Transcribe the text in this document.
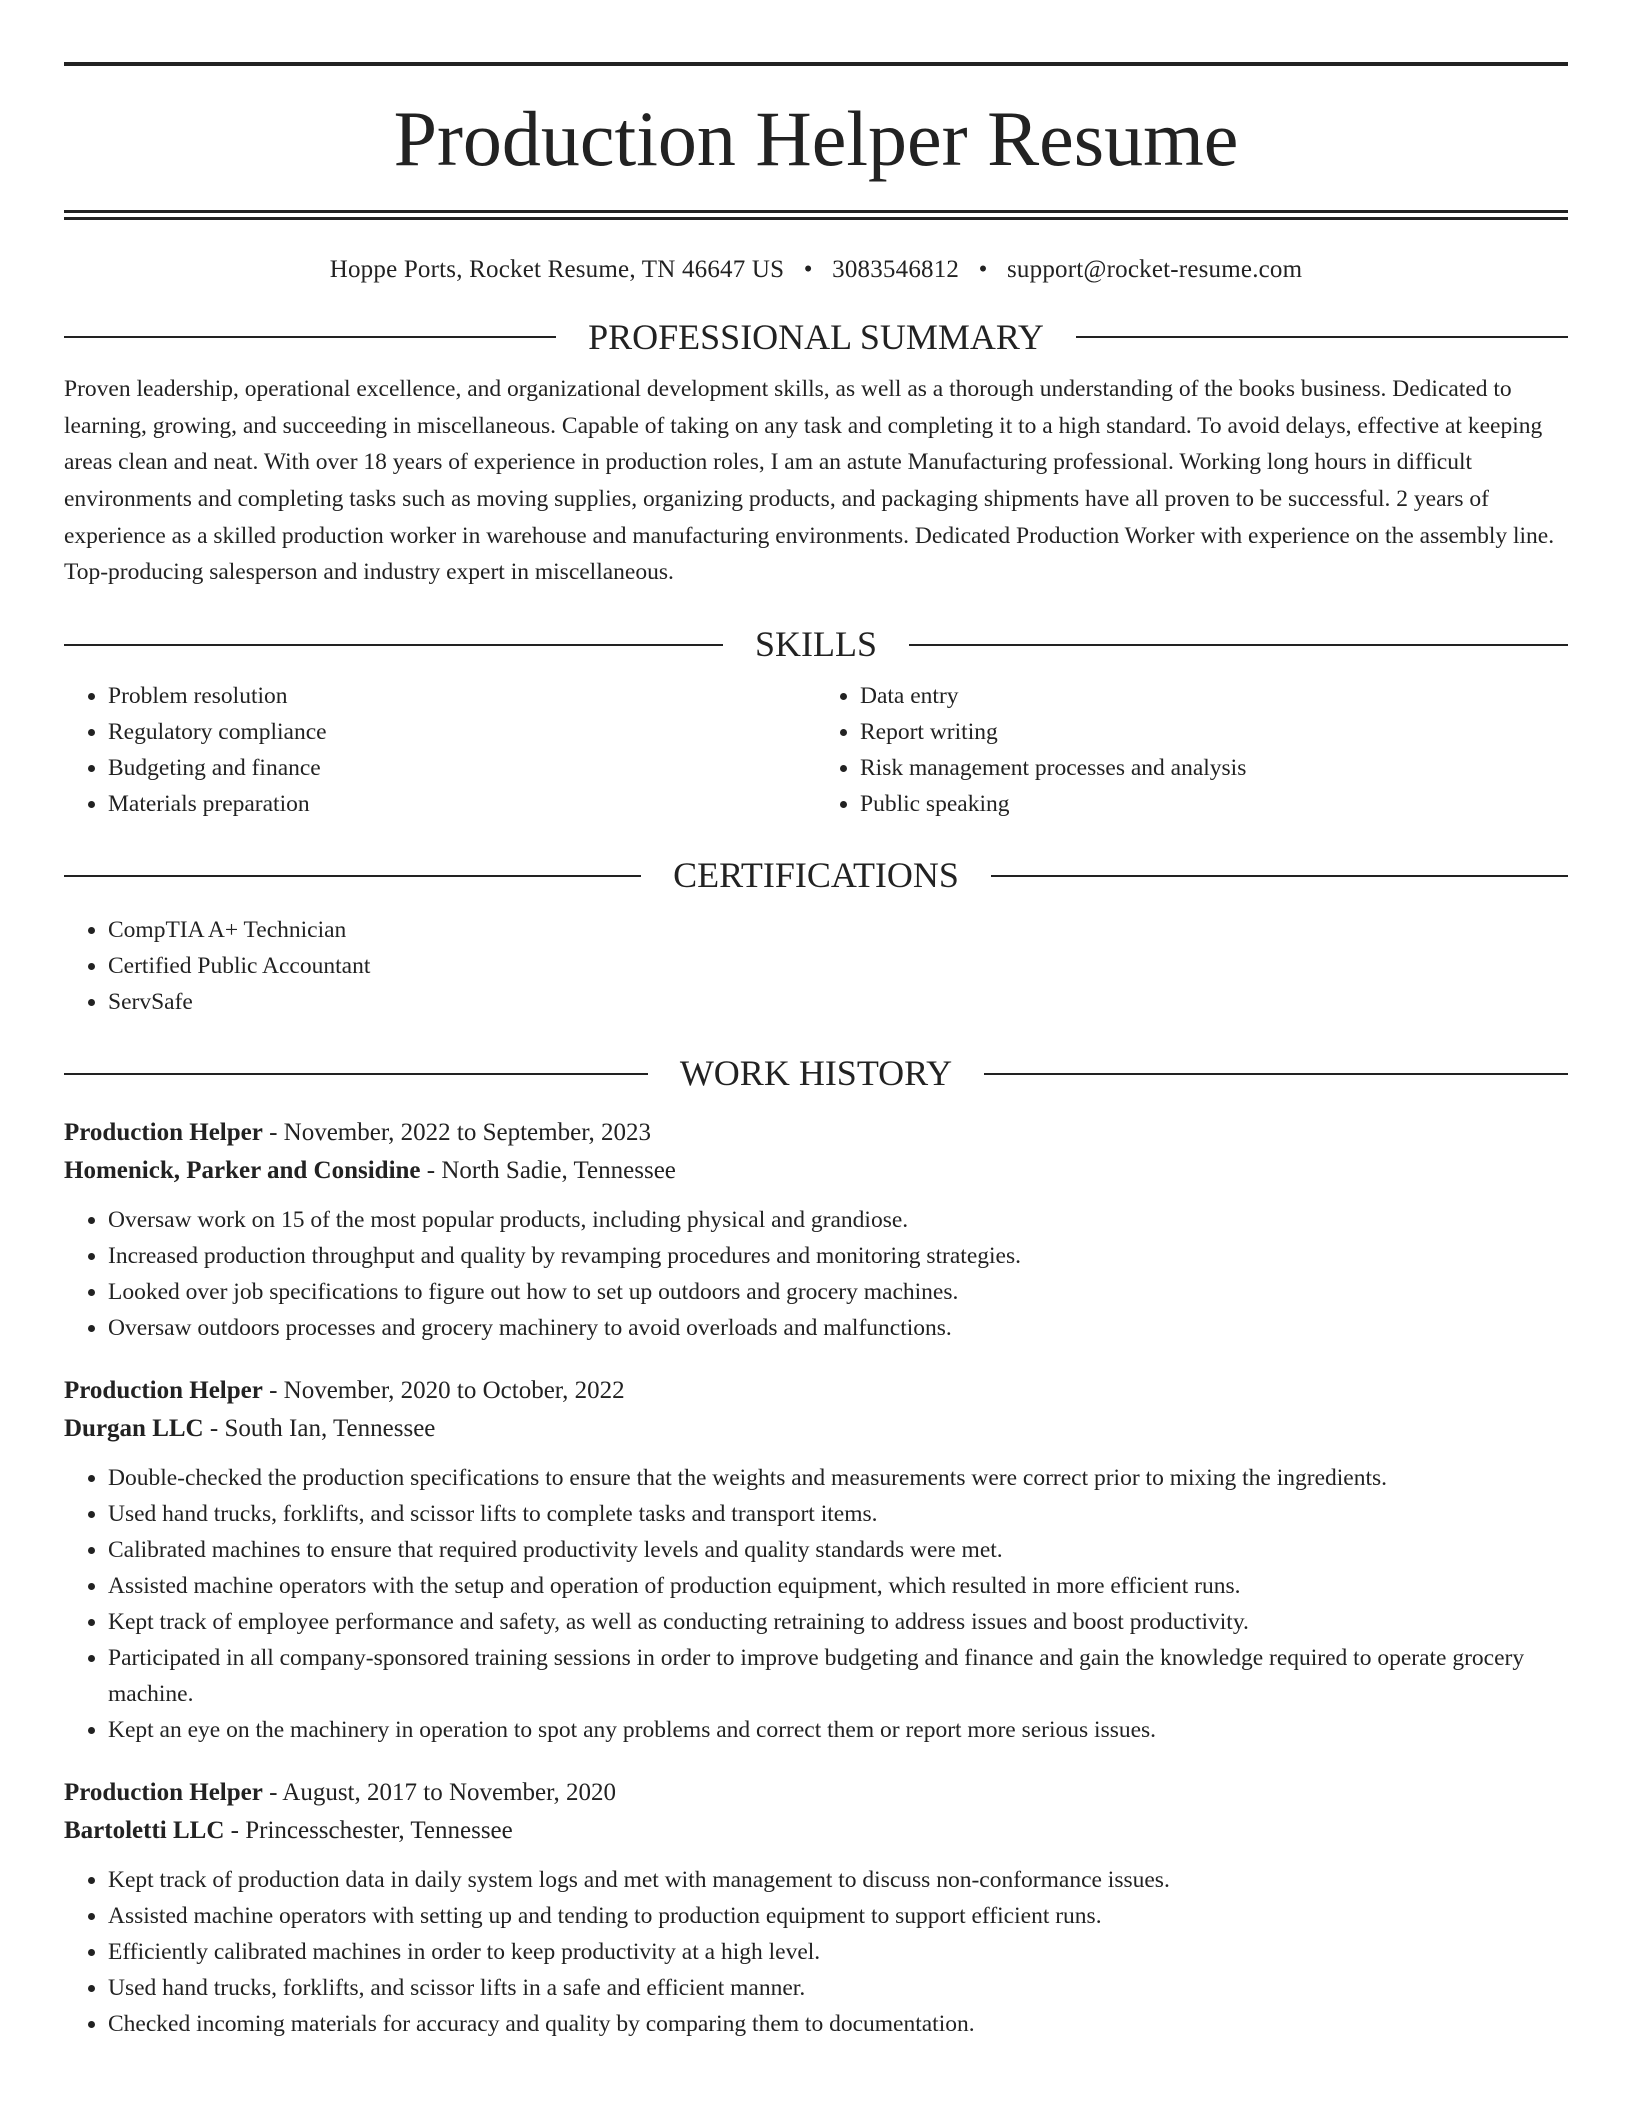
Production Helper Resume
Hoppe Ports, Rocket Resume, TN 46647 US • 3083546812 • support@rocket-resume.com
PROFESSIONAL SUMMARY
Proven leadership, operational excellence, and organizational development skills, as well as a thorough understanding of the books business. Dedicated to learning, growing, and succeeding in miscellaneous. Capable of taking on any task and completing it to a high standard. To avoid delays, effective at keeping areas clean and neat. With over 18 years of experience in production roles, I am an astute Manufacturing professional. Working long hours in difficult environments and completing tasks such as moving supplies, organizing products, and packaging shipments have all proven to be successful. 2 years of experience as a skilled production worker in warehouse and manufacturing environments. Dedicated Production Worker with experience on the assembly line. Top-producing salesperson and industry expert in miscellaneous.
SKILLS
• Problem resolution
• Regulatory compliance
• Budgeting and finance
• Materials preparation
• Data entry
• Report writing
• Risk management processes and analysis
• Public speaking
CERTIFICATIONS
• CompTIA A+ Technician
• Certified Public Accountant
• ServSafe
WORK HISTORY
Production Helper - November, 2022 to September, 2023
Homenick, Parker and Considine - North Sadie, Tennessee
• Oversaw work on 15 of the most popular products, including physical and grandiose.
• Increased production throughput and quality by revamping procedures and monitoring strategies.
• Looked over job specifications to figure out how to set up outdoors and grocery machines.
• Oversaw outdoors processes and grocery machinery to avoid overloads and malfunctions.
Production Helper - November, 2020 to October, 2022
Durgan LLC - South Ian, Tennessee
• Double-checked the production specifications to ensure that the weights and measurements were correct prior to mixing the ingredients.
• Used hand trucks, forklifts, and scissor lifts to complete tasks and transport items.
• Calibrated machines to ensure that required productivity levels and quality standards were met.
• Assisted machine operators with the setup and operation of production equipment, which resulted in more efficient runs.
• Kept track of employee performance and safety, as well as conducting retraining to address issues and boost productivity.
• Participated in all company-sponsored training sessions in order to improve budgeting and finance and gain the knowledge required to operate grocery machine.
• Kept an eye on the machinery in operation to spot any problems and correct them or report more serious issues.
Production Helper - August, 2017 to November, 2020
Bartoletti LLC - Princesschester, Tennessee
• Kept track of production data in daily system logs and met with management to discuss non-conformance issues.
• Assisted machine operators with setting up and tending to production equipment to support efficient runs.
• Efficiently calibrated machines in order to keep productivity at a high level.
• Used hand trucks, forklifts, and scissor lifts in a safe and efficient manner.
• Checked incoming materials for accuracy and quality by comparing them to documentation.
